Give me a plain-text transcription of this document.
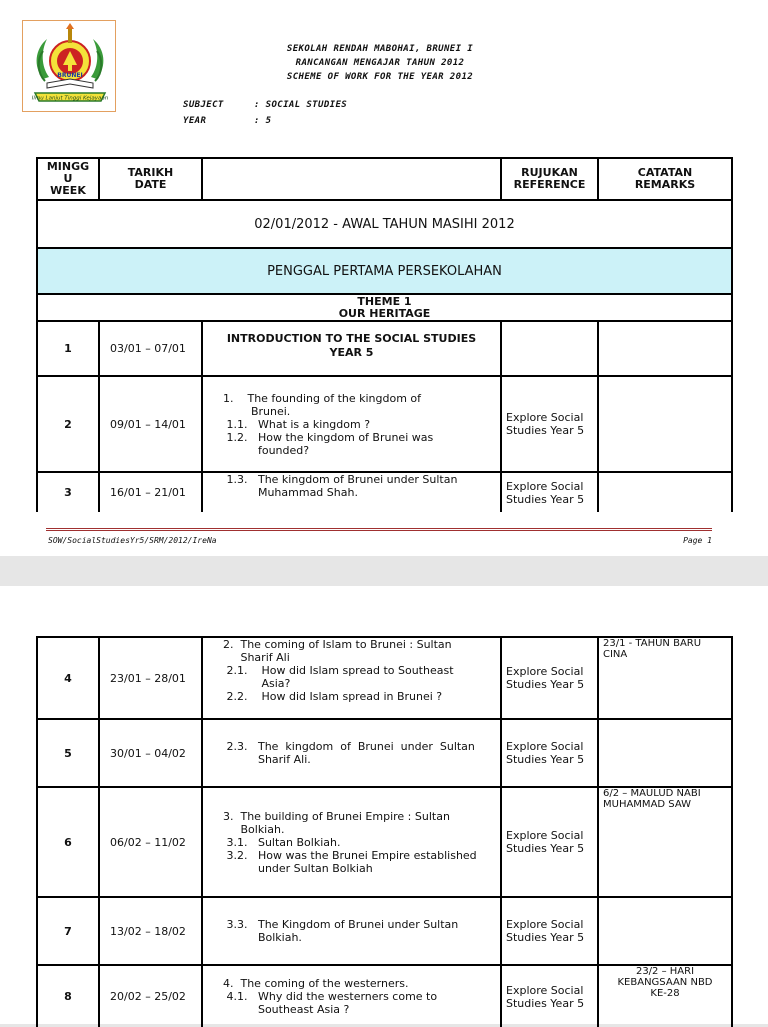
Ilmu Lanjut Tinggi Kejayaan
BRUNEI
SEKOLAH RENDAH MABOHAI, BRUNEI I
RANCANGAN MENGAJAR TAHUN 2012
SCHEME OF WORK FOR THE YEAR 2012
SUBJECT	: SOCIAL STUDIES
YEAR	: 5
MINGG
U
WEEK	TARIKH
DATE		RUJUKAN
REFERENCE	CATATAN
REMARKS

02/01/2012 - AWAL TAHUN MASIHI 2012				
PENGGAL PERTAMA PERSEKOLAHAN				

THEME 1
OUR HERITAGE				

1	03/01 – 07/01	INTRODUCTION TO THE SOCIAL STUDIES
YEAR 5		

2	09/01 – 14/01	1.    The founding of the kingdom of
Brunei.
1.1.   What is a kingdom ?
1.2.   How the kingdom of Brunei was
founded?	Explore Social
Studies Year 5	

3	16/01 – 21/01	1.3.   The kingdom of Brunei under Sultan
Muhammad Shah.	Explore Social
Studies Year 5	

SOW/SocialStudiesYr5/SRM/2012/IreNa	Page 1
4	23/01 – 28/01	2.  The coming of Islam to Brunei : Sultan
Sharif Ali
2.1.    How did Islam spread to Southeast
Asia?
2.2.    How did Islam spread in Brunei ?	Explore Social
Studies Year 5	23/1 - TAHUN BARU
CINA

5	30/01 – 04/02	2.3.   The  kingdom  of  Brunei  under  Sultan
Sharif Ali.	Explore Social
Studies Year 5	

6	06/02 – 11/02	3.  The building of Brunei Empire : Sultan
Bolkiah.
3.1.   Sultan Bolkiah.
3.2.   How was the Brunei Empire established
under Sultan Bolkiah	Explore Social
Studies Year 5	6/2 – MAULUD NABI
MUHAMMAD SAW

7	13/02 – 18/02	3.3.   The Kingdom of Brunei under Sultan
Bolkiah.	Explore Social
Studies Year 5	

8	20/02 – 25/02	4.  The coming of the westerners.
4.1.   Why did the westerners come to
Southeast Asia ?	Explore Social
Studies Year 5	23/2 – HARI
KEBANGSAAN NBD
KE-28
